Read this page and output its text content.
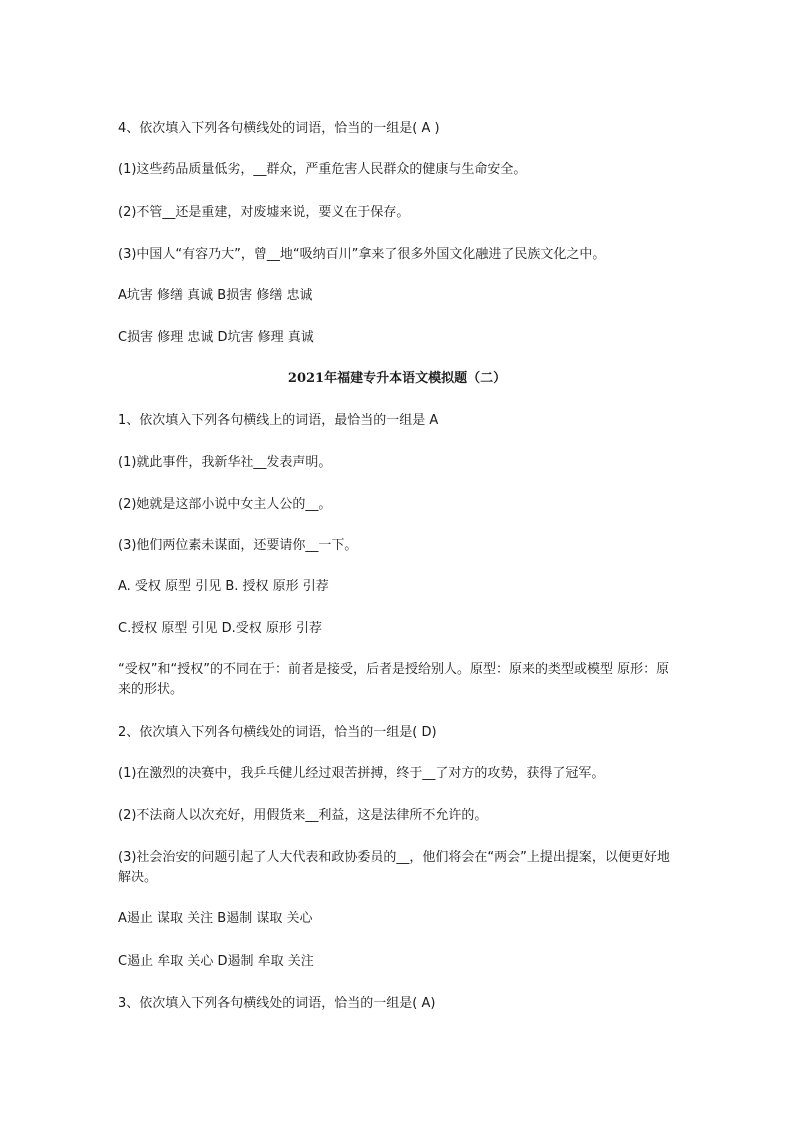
4、依次填入下列各句横线处的词语，恰当的一组是( A )
(1)这些药品质量低劣，__群众，严重危害人民群众的健康与生命安全。
(2)不管__还是重建，对废墟来说，要义在于保存。
(3)中国人“有容乃大”，曾__地“吸纳百川”拿来了很多外国文化融进了民族文化之中。
A坑害 修缮 真诚 B损害 修缮 忠诚
C损害 修理 忠诚 D坑害 修理 真诚
2021年福建专升本语文模拟题（二）
1、依次填入下列各句横线上的词语，最恰当的一组是 A
(1)就此事件，我新华社__发表声明。
(2)她就是这部小说中女主人公的__。
(3)他们两位素未谋面，还要请你__一下。
A. 受权 原型 引见 B. 授权 原形 引荐
C.授权 原型 引见 D.受权 原形 引荐
“受权”和“授权”的不同在于：前者是接受，后者是授给别人。原型：原来的类型或模型 原形：原来的形状。
2、依次填入下列各句横线处的词语，恰当的一组是( D)
(1)在激烈的决赛中，我乒乓健儿经过艰苦拼搏，终于__了对方的攻势，获得了冠军。
(2)不法商人以次充好，用假货来__利益，这是法律所不允许的。
(3)社会治安的问题引起了人大代表和政协委员的__，他们将会在“两会”上提出提案，以便更好地解决。
A遏止 谋取 关注 B遏制 谋取 关心
C遏止 牟取 关心 D遏制 牟取 关注
3、依次填入下列各句横线处的词语，恰当的一组是( A)
